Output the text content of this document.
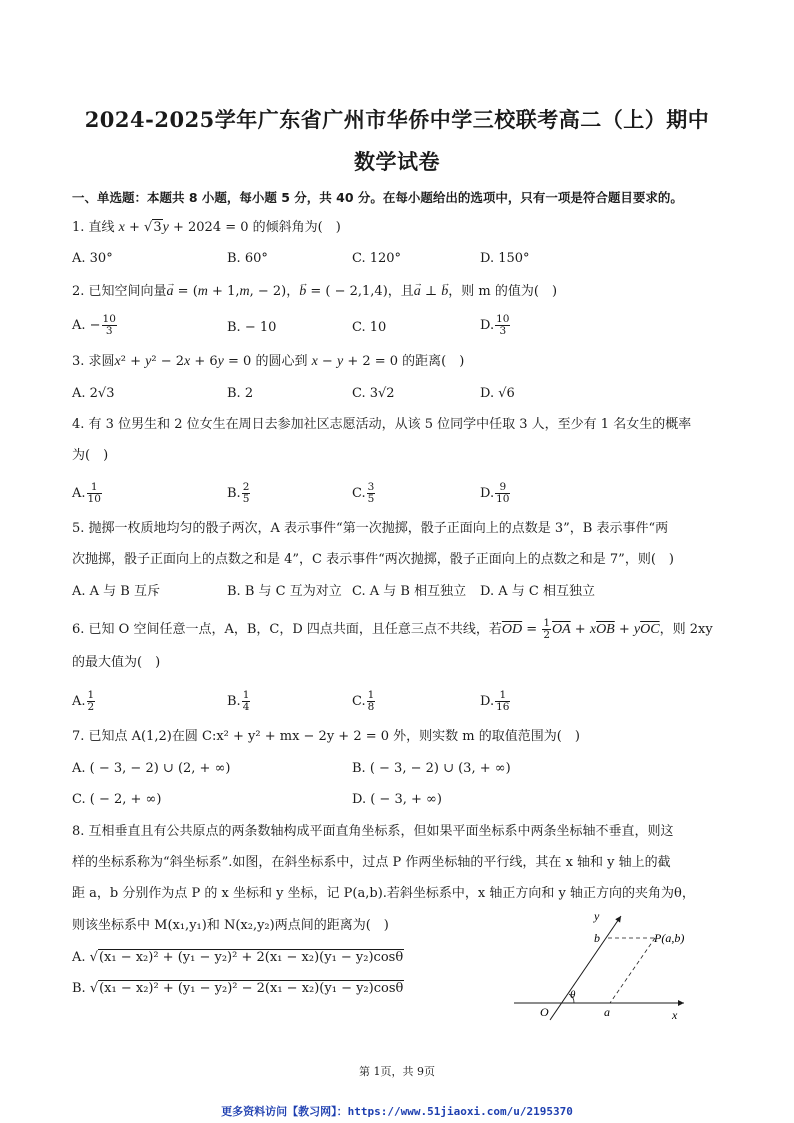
2024-2025学年广东省广州市华侨中学三校联考高二（上）期中
数学试卷
一、单选题：本题共 8 小题，每小题 5 分，共 40 分。在每小题给出的选项中，只有一项是符合题目要求的。
1. 直线 x + √3y + 2024 = 0 的倾斜角为(　)
A. 30°	B. 60°	C. 120°	D. 150°
2. 已知空间向量→ a = (m + 1,m, − 2)，→ b = ( − 2,1,4)，且→ a ⊥ → b，则 m 的值为(　)
A. − $\frac{10}{3}$	B. − 10	C. 10	D. $\frac{10}{3}$
3. 求圆x² + y² − 2x + 6y = 0 的圆心到 x − y + 2 = 0 的距离(　)
A. 2√3	B. 2	C. 3√2	D. √6
4. 有 3 位男生和 2 位女生在周日去参加社区志愿活动，从该 5 位同学中任取 3 人，至少有 1 名女生的概率
为(　)
A. $\frac{1}{10}$	B. $\frac{2}{5}$	C. $\frac{3}{5}$	D. $\frac{9}{10}$
5. 抛掷一枚质地均匀的骰子两次，A 表示事件“第一次抛掷，骰子正面向上的点数是 3”，B 表示事件“两
次抛掷，骰子正面向上的点数之和是 4”，C 表示事件“两次抛掷，骰子正面向上的点数之和是 7”，则(　)
A. A 与 B 互斥	B. B 与 C 互为对立 C. A 与 B 相互独立 D. A 与 C 相互独立
6. 已知 O 空间任意一点，A，B，C，D 四点共面，且任意三点不共线，若$\overline{OD} = \frac{1}{2} \overline{OA} + x\overline{OB} + y\overline{OC}$，则 2xy
的最大值为(　)
A. $\frac{1}{2}$	B. $\frac{1}{4}$	C. $\frac{1}{8}$	D. $\frac{1}{16}$
7. 已知点 A(1,2)在圆 C:x² + y² + mx − 2y + 2 = 0 外，则实数 m 的取值范围为(　)
A. ( − 3, − 2) ∪ (2, + ∞)	B. ( − 3, − 2) ∪ (3, + ∞)
C. ( − 2, + ∞)	D. ( − 3, + ∞)
8. 互相垂直且有公共原点的两条数轴构成平面直角坐标系，但如果平面坐标系中两条坐标轴不垂直，则这
样的坐标系称为“斜坐标系”.如图，在斜坐标系中，过点 P 作两坐标轴的平行线，其在 x 轴和 y 轴上的截
距 a，b 分别作为点 P 的 x 坐标和 y 坐标，记 P(a,b).若斜坐标系中，x 轴正方向和 y 轴正方向的夹角为θ，
则该坐标系中 M(x₁,y₁)和 N(x₂,y₂)两点间的距离为(　)
A. √(x₁ − x₂)² + (y₁ − y₂)² + 2(x₁ − x₂)(y₁ − y₂)cosθ
B. √(x₁ − x₂)² + (y₁ − y₂)² − 2(x₁ − x₂)(y₁ − y₂)cosθ
y
b	P(a,b)
θ
O	a	x
第 1页，共 9页
更多资料访问【教习网】：https://www.51jiaoxi.com/u/2195370
